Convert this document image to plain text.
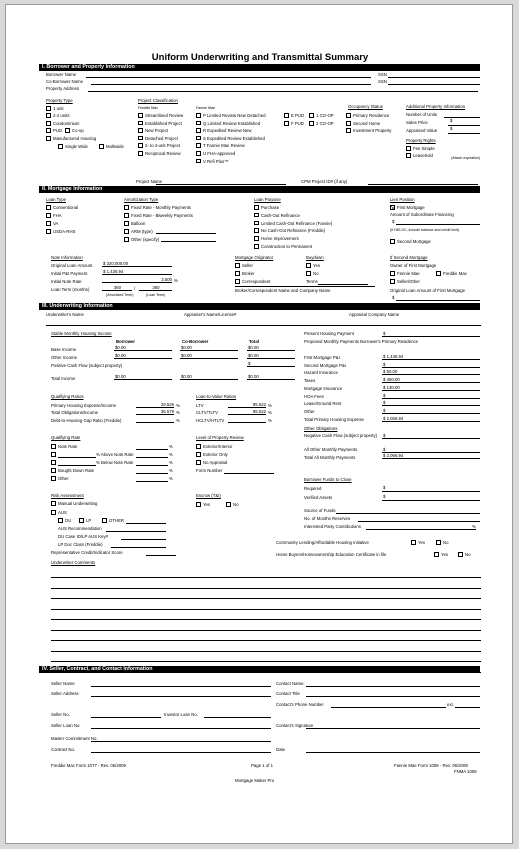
Uniform Underwriting and Transmittal Summary
I. Borrower and Property Information
Borrower Name
Co-Borrower Name
Property Address
SSN
SSN
Property Type
1 unit
2-4 units
Condominium
PUD Co-op
Manufactured Housing
Single Wide	Multiwide
Project Classification
Freddie Mac	Fannie Mae
Streamlined Review
Established Project
New Project
Detached Project
2- to 4-unit Project
Reciprocal Review
P Limited Review New Detached
Q Limited Review Established
R Expedited Review New
S Expedited Review Established
T Fannie Mae Review
U FHA-approved
V Refi Plus™
E PUD
F PUD
1 CO-OP
2 CO-OP
Project Name	CPM Project ID# (if any)
Occupancy Status
Primary Residence
Second Home
Investment Property
Additional Property Information
Number of Units
Sales Price	$
Appraised Value	$
Property Rights
Fee Simple
Leasehold	(Attach expiration)
II. Mortgage Information
Loan Type
Conventional
FHA
VA
USDA-RHS
Amortization Type
Fixed Rate - Monthly Payments
Fixed Rate - Biweekly Payments
Balloon
ARM (type)
Other (specify)
Loan Purpose
Purchase
Cash-Out Refinance
Limited Cash-Out Refinance (Fannie)
No Cash-Out Refinance (Freddie)
Home Improvement
Construction to Permanent
Lien Position
First Mortgage
Amount of Subordinate Financing
$
(If HELOC, include balance and credit limit)
Second Mortgage
Note Information
Original Loan Amount $ 320,000.00
Initial P&I Payment	$ 1,436.94
Initial Note Rate	3.500 %
Loan Term (months)	360	/	360
(Amortized Term)	(Loan Term)
Mortgage Originator
Seller
Broker
Correspondent
Buydown
Yes
No
Terms
Broker/Correspondent Name and Company Name
If Second Mortgage
Owner of First Mortgage
Fannie Mae	Freddie Mac
Seller/Other
Original Loan Amount of First Mortgage
$
III. Underwriting Information
Underwriter's Name	Appraiser's Name/License#	Appraisal Company Name
Stable Monthly Housing Income
Borrower	Co-Borrower	Total
Base Income	$0.00	$0.00	$0.00
Other Income	$0.00	$0.00	$0.00
Positive Cash Flow (subject property)	$
Total Income	$0.00	$0.00	$0.00
Present Housing Payment	$
Proposed Monthly Payments Borrower's Primary Residence
First Mortgage P&I	$ 1,436.94
Second Mortgage P&I	$
Hazard Insurance	$ 50.00
Taxes	$ 450.00
Mortgage Insurance	$ 130.00
HOA Fees	$
Lease/Ground Rent	$
Other	$
Total Primary Housing Expense	$ 2,066.94
Other Obligations
Negative Cash Flow (subject property) $
All Other Monthly Payments	$
Total All Monthly Payments	$ 2,066.94
Qualifying Ratios
Primary Housing Expense/Income	29.526 %
Total Obligations/Income	36.579 %
Debt-to-Housing Gap Ratio (Freddie)	%
Loan-to-Value Ratios
LTV	95.522 %
CLTV/TLTV	95.522 %
HCLTV/HTLTV	%
Qualifying Rate
Note Rate	%
% Above Note Rate	%
% Below Note Rate	%
Bought Down Rate	%
Other	%
Level of Property Review
Exterior/Interior
Exterior Only
No Appraisal
Form Number
Borrower Funds to Close
Required	$
Verified Assets	$
Source of Funds
No. of Months Reserves
Interested Party Contributions	%
Risk Assessment
Manual Underwriting
AUS
DU	LP	OTHER
AUS Recommendation
DU Case ID/LP AUS Key#
LP Doc Class (Freddie)
Representative Credit/Indicator Score
Escrow (T&I)
Yes	No
Community Lending/Affordable Housing Initiative	Yes	No
Home Buyers/Homeownership Education Certificate in file	Yes	No
Underwriter Comments
IV. Seller, Contract, and Contact Information
Seller Name
Seller Address
Seller No.
Seller Loan No.
Master Commitment No.
Contract No.
Investor Loan No.
Contact Name
Contact Title
Contact's Phone Number
Contact's Signature
Date
ext.
Freddie Mac Form 1077 - Rev. 06/2009	Page 1 of 1	Fannie Mae Form 1008 - Rev. 06/2009
FNMA 1008
Mortgage Maker Pro
